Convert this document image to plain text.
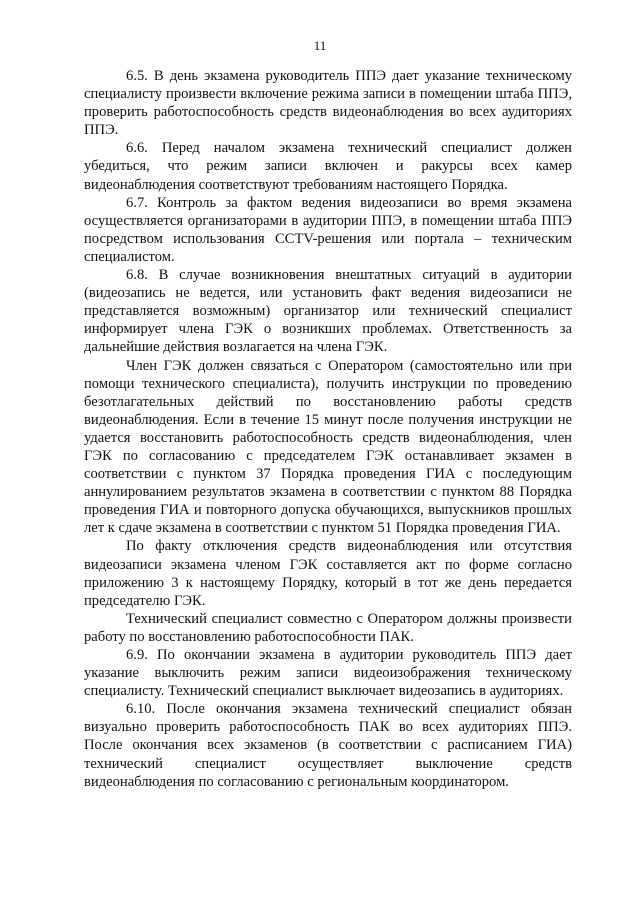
11

6.5. В день экзамена руководитель ППЭ дает указание техническому специалисту произвести включение режима записи в помещении штаба ППЭ, проверить работоспособность средств видеонаблюдения во всех аудиториях ППЭ.

6.6. Перед началом экзамена технический специалист должен убедиться, что режим записи включен и ракурсы всех камер видеонаблюдения соответствуют требованиям настоящего Порядка.

6.7. Контроль за фактом ведения видеозаписи во время экзамена осуществляется организаторами в аудитории ППЭ, в помещении штаба ППЭ посредством использования CCTV-решения или портала – техническим специалистом.

6.8. В случае возникновения внештатных ситуаций в аудитории (видеозапись не ведется, или установить факт ведения видеозаписи не представляется возможным) организатор или технический специалист информирует члена ГЭК о возникших проблемах. Ответственность за дальнейшие действия возлагается на члена ГЭК.

Член ГЭК должен связаться с Оператором (самостоятельно или при помощи технического специалиста), получить инструкции по проведению безотлагательных действий по восстановлению работы средств видеонаблюдения. Если в течение 15 минут после получения инструкции не удается восстановить работоспособность средств видеонаблюдения, член ГЭК по согласованию с председателем ГЭК останавливает экзамен в соответствии с пунктом 37 Порядка проведения ГИА с последующим аннулированием результатов экзамена в соответствии с пунктом 88 Порядка проведения ГИА и повторного допуска обучающихся, выпускников прошлых лет к сдаче экзамена в соответствии с пунктом 51 Порядка проведения ГИА.

По факту отключения средств видеонаблюдения или отсутствия видеозаписи экзамена членом ГЭК составляется акт по форме согласно приложению 3 к настоящему Порядку, который в тот же день передается председателю ГЭК.

Технический специалист совместно с Оператором должны произвести работу по восстановлению работоспособности ПАК.

6.9. По окончании экзамена в аудитории руководитель ППЭ дает указание выключить режим записи видеоизображения техническому специалисту. Технический специалист выключает видеозапись в аудиториях.

6.10. После окончания экзамена технический специалист обязан визуально проверить работоспособность ПАК во всех аудиториях ППЭ. После окончания всех экзаменов (в соответствии с расписанием ГИА) технический специалист осуществляет выключение средств видеонаблюдения по согласованию с региональным координатором.
